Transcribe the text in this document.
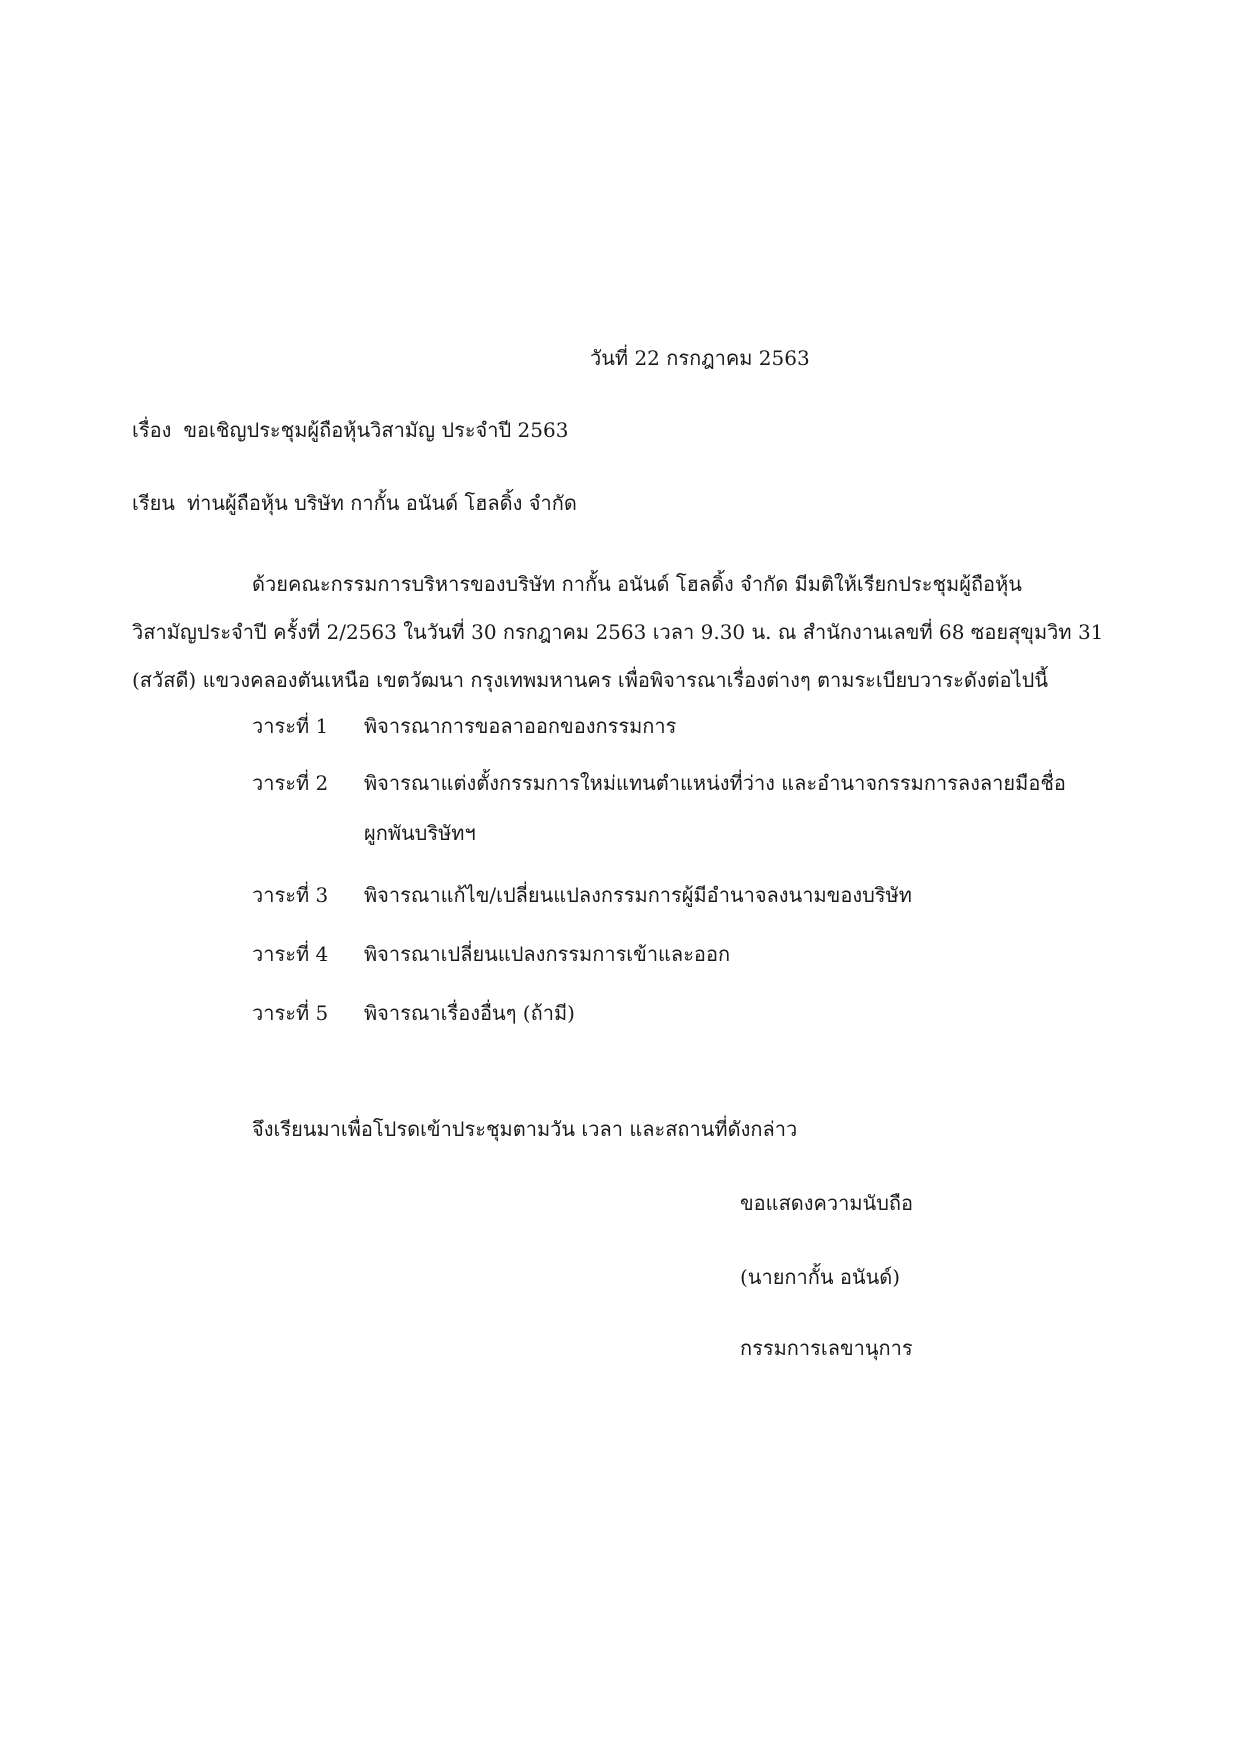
วันที่ 22 กรกฎาคม 2563
เรื่อง ขอเชิญประชุมผู้ถือหุ้นวิสามัญ ประจำปี 2563
เรียน ท่านผู้ถือหุ้น บริษัท กากั้น อนันด์ โฮลดิ้ง จำกัด
ด้วยคณะกรรมการบริหารของบริษัท กากั้น อนันด์ โฮลดิ้ง จำกัด มีมติให้เรียกประชุมผู้ถือหุ้น
วิสามัญประจำปี ครั้งที่ 2/2563 ในวันที่ 30 กรกฎาคม 2563 เวลา 9.30 น. ณ สำนักงานเลขที่ 68 ซอยสุขุมวิท 31
(สวัสดี) แขวงคลองตันเหนือ เขตวัฒนา กรุงเทพมหานคร เพื่อพิจารณาเรื่องต่างๆ ตามระเบียบวาระดังต่อไปนี้
วาระที่ 1 พิจารณาการขอลาออกของกรรมการ
วาระที่ 2 พิจารณาแต่งตั้งกรรมการใหม่แทนตำแหน่งที่ว่าง และอำนาจกรรมการลงลายมือชื่อ
ผูกพันบริษัทฯ
วาระที่ 3 พิจารณาแก้ไข/เปลี่ยนแปลงกรรมการผู้มีอำนาจลงนามของบริษัท
วาระที่ 4 พิจารณาเปลี่ยนแปลงกรรมการเข้าและออก
วาระที่ 5 พิจารณาเรื่องอื่นๆ (ถ้ามี)
จึงเรียนมาเพื่อโปรดเข้าประชุมตามวัน เวลา และสถานที่ดังกล่าว
ขอแสดงความนับถือ
(นายกากั้น อนันด์)
กรรมการเลขานุการ
